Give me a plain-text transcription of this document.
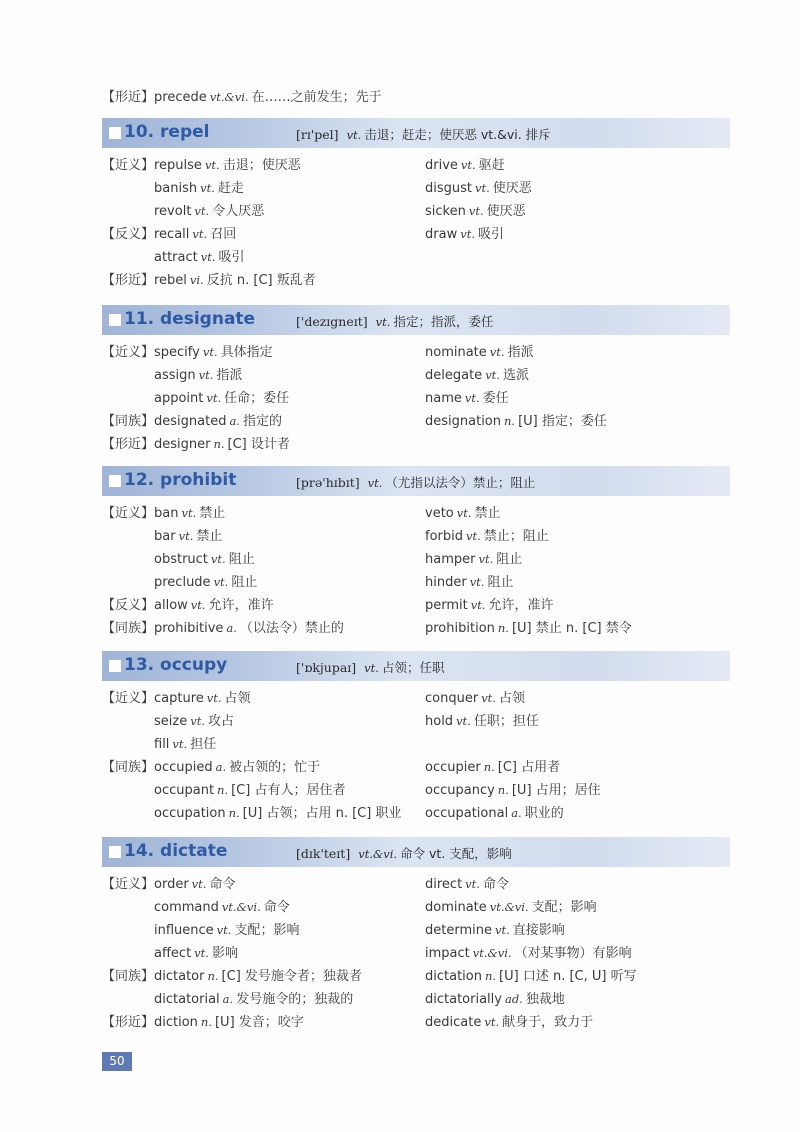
【形近】precede vt.&vi. 在……之前发生；先于
10. repel	[rɪ'pel] vt. 击退；赶走；使厌恶 vt.&vi. 排斥
【近义】 repulse vt. 击退；使厌恶	drive vt. 驱赶
banish vt. 赶走	disgust vt. 使厌恶
revolt vt. 令人厌恶	sicken vt. 使厌恶
【反义】 recall vt. 召回	draw vt. 吸引
attract vt. 吸引
【形近】 rebel vi. 反抗 n. [C] 叛乱者
11. designate	['dezɪgneɪt] vt. 指定；指派，委任
【近义】 specify vt. 具体指定	nominate vt. 指派
assign vt. 指派	delegate vt. 选派
appoint vt. 任命；委任	name vt. 委任
【同族】 designated a. 指定的	designation n. [U] 指定；委任
【形近】 designer n. [C] 设计者
12. prohibit	[prə'hɪbɪt] vt. （尤指以法令）禁止；阻止
【近义】 ban vt. 禁止	veto vt. 禁止
bar vt. 禁止	forbid vt. 禁止；阻止
obstruct vt. 阻止	hamper vt. 阻止
preclude vt. 阻止	hinder vt. 阻止
【反义】 allow vt. 允许，准许	permit vt. 允许，准许
【同族】 prohibitive a. （以法令）禁止的	prohibition n. [U] 禁止 n. [C] 禁令
13. occupy	['ɒkjupaɪ] vt. 占领；任职
【近义】 capture vt. 占领	conquer vt. 占领
seize vt. 攻占	hold vt. 任职；担任
fill vt. 担任
【同族】 occupied a. 被占领的；忙于	occupier n. [C] 占用者
occupant n. [C] 占有人；居住者	occupancy n. [U] 占用；居住
occupation n. [U] 占领；占用 n. [C] 职业 occupational a. 职业的
14. dictate	[dɪk'teɪt] vt.&vi. 命令 vt. 支配，影响
【近义】 order vt. 命令	direct vt. 命令
command vt.&vi. 命令	dominate vt.&vi. 支配；影响
influence vt. 支配；影响	determine vt. 直接影响
affect vt. 影响	impact vt.&vi. （对某事物）有影响
【同族】 dictator n. [C] 发号施令者；独裁者	dictation n. [U] 口述 n. [C, U] 听写
dictatorial a. 发号施令的；独裁的	dictatorially ad. 独裁地
【形近】 diction n. [U] 发音；咬字	dedicate vt. 献身于，致力于
50
